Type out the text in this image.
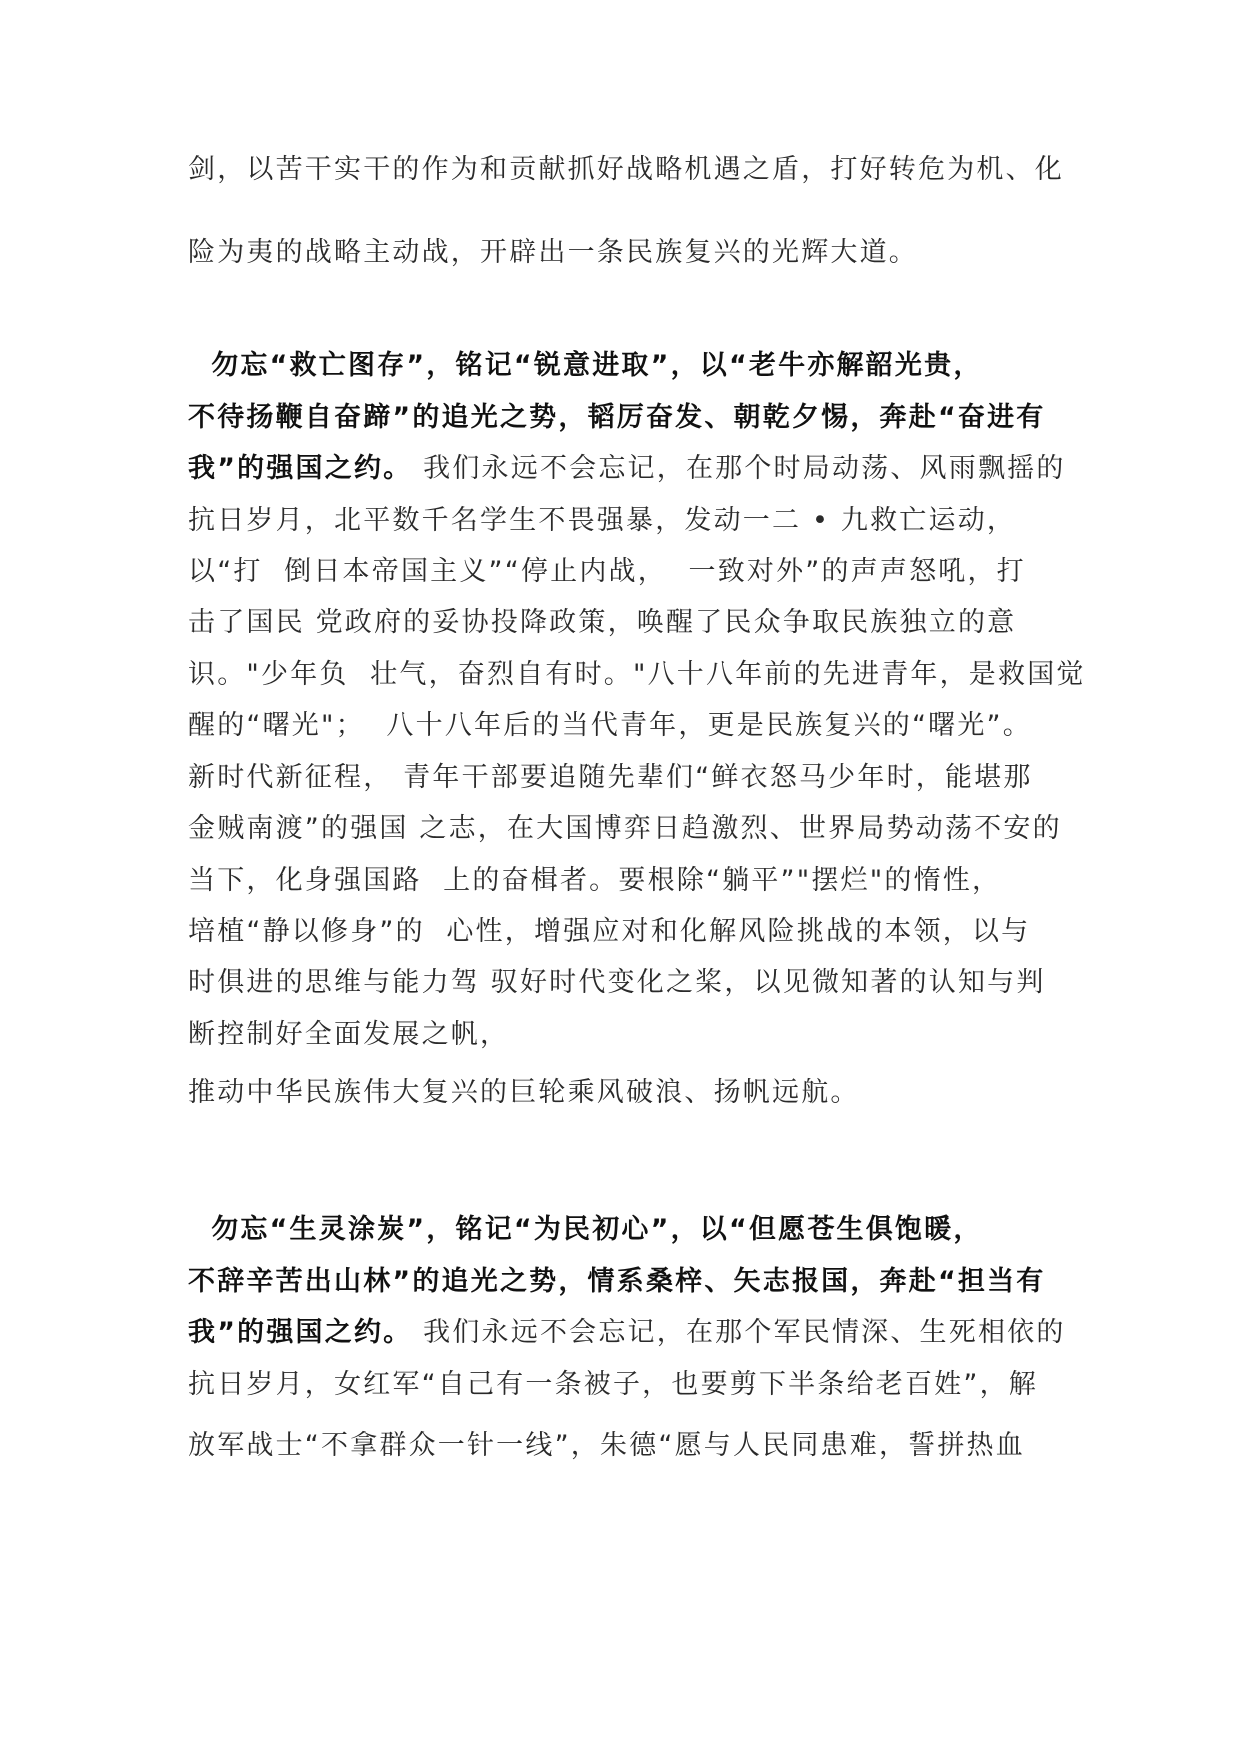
剑，以苦干实干的作为和贡献抓好战略机遇之盾，打好转危为机、化
险为夷的战略主动战，开辟出一条民族复兴的光辉大道。
勿忘“救亡图存”，铭记“锐意进取”，以“老牛亦解韶光贵，
不待扬鞭自奋蹄”的追光之势，韬厉奋发、朝乾夕惕，奔赴“奋进有
我”的强国之约。 我们永远不会忘记，在那个时局动荡、风雨飘摇的
抗日岁月，北平数千名学生不畏强暴，发动一二 • 九救亡运动，
以“打  倒日本帝国主义”“停止内战，  一致对外”的声声怒吼，打
击了国民 党政府的妥协投降政策，唤醒了民众争取民族独立的意
识。"少年负  壮气，奋烈自有时。"八十八年前的先进青年，是救国觉
醒的“曙光"；  八十八年后的当代青年，更是民族复兴的“曙光”。
新时代新征程， 青年干部要追随先辈们“鲜衣怒马少年时，能堪那
金贼南渡”的强国 之志，在大国博弈日趋激烈、世界局势动荡不安的
当下，化身强国路  上的奋楫者。要根除“躺平”"摆烂"的惰性，
培植“静以修身”的  心性，增强应对和化解风险挑战的本领，以与
时俱进的思维与能力驾 驭好时代变化之桨，以见微知著的认知与判
断控制好全面发展之帆，
推动中华民族伟大复兴的巨轮乘风破浪、扬帆远航。
勿忘“生灵涂炭”，铭记“为民初心”，以“但愿苍生俱饱暖，
不辞辛苦出山林”的追光之势，情系桑梓、矢志报国，奔赴“担当有
我”的强国之约。 我们永远不会忘记，在那个军民情深、生死相依的
抗日岁月，女红军“自己有一条被子，也要剪下半条给老百姓”，解
放军战士“不拿群众一针一线”，朱德“愿与人民同患难，誓拼热血
